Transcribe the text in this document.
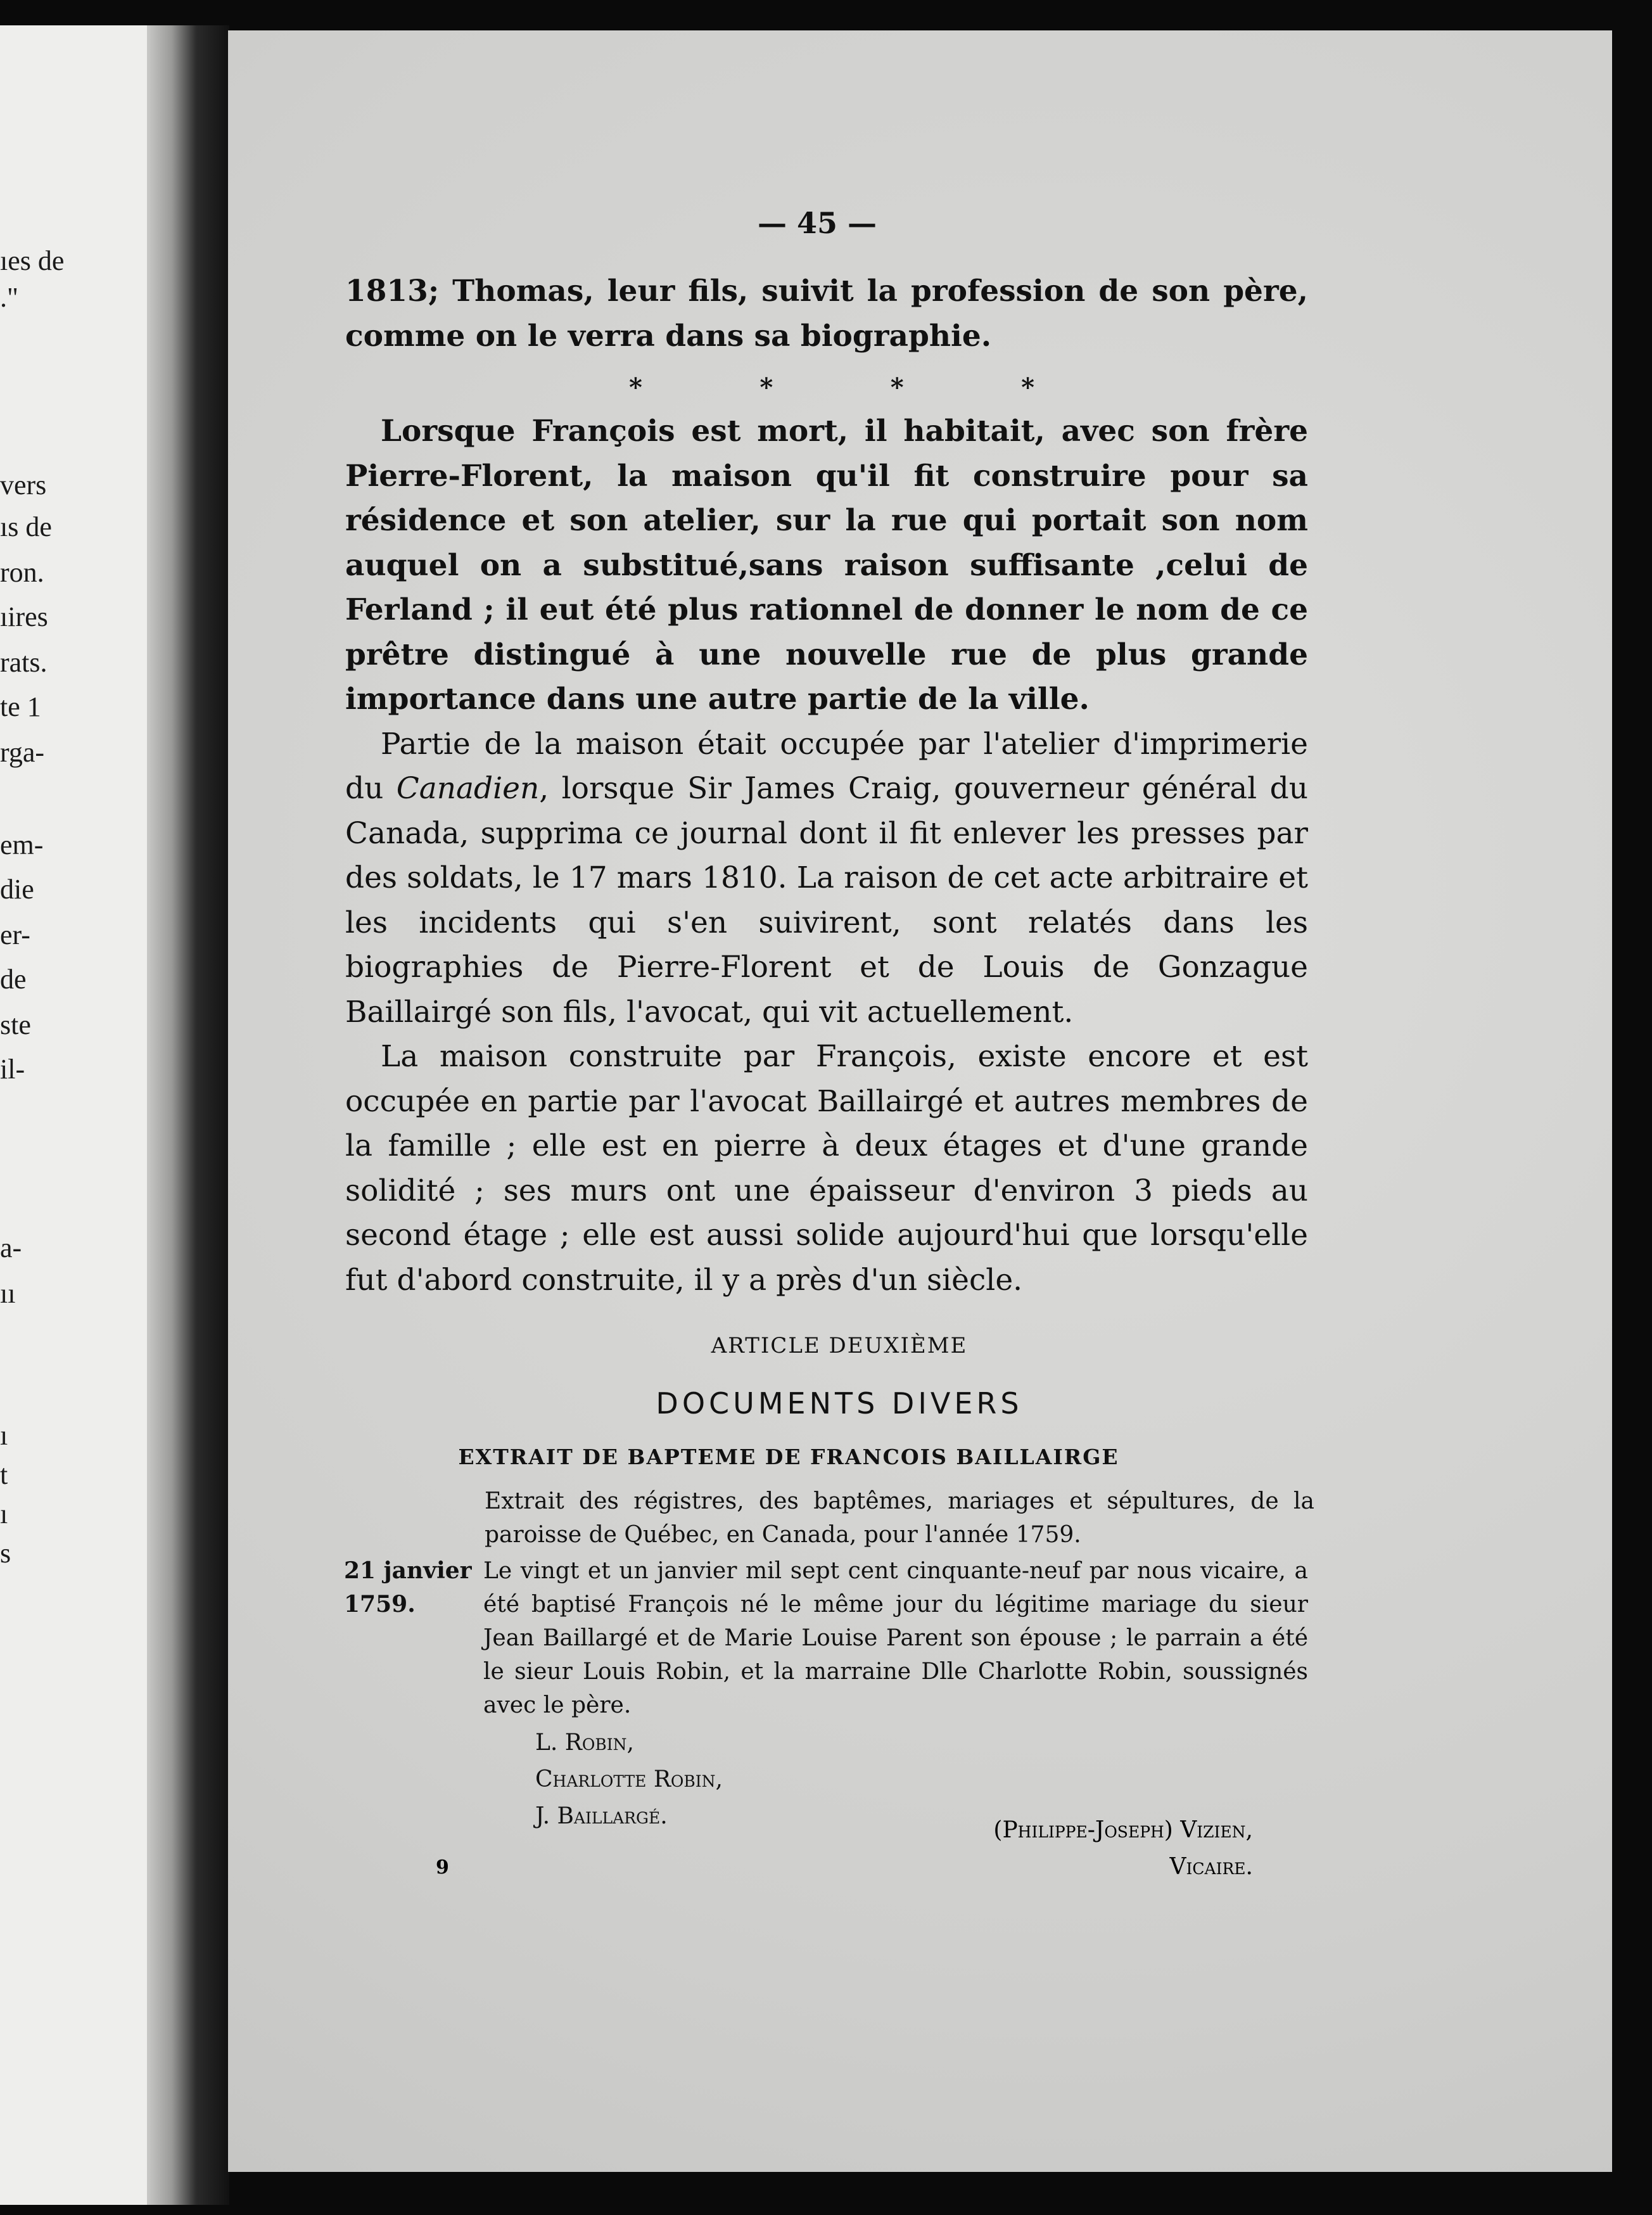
ıes de
."
vers
ıs de
ron.
ıires
rats.
te 1
rga-
em-
die
er-
de
ste
il-
a-
ıı
ı
t
ı
s
— 45 —

1813; Thomas, leur fils, suivit la profession de son père, comme on le verra dans sa biographie.

*	*	*	*

Lorsque François est mort, il habitait, avec son frère Pierre-Florent, la maison qu'il fit construire pour sa résidence et son atelier, sur la rue qui portait son nom auquel on a substitué,sans raison suffisante ,celui de Ferland ; il eut été plus rationnel de donner le nom de ce prêtre distingué à une nouvelle rue de plus grande importance dans une autre partie de la ville.

Partie de la maison était occupée par l'atelier d'imprimerie du Canadien, lorsque Sir James Craig, gouverneur général du Canada, supprima ce journal dont il fit enlever les presses par des soldats, le 17 mars 1810. La raison de cet acte arbitraire et les incidents qui s'en suivirent, sont relatés dans les biographies de Pierre-Florent et de Louis de Gonzague Baillairgé son fils, l'avocat, qui vit actuellement.

La maison construite par François, existe encore et est occupée en partie par l'avocat Baillairgé et autres membres de la famille ; elle est en pierre à deux étages et d'une grande solidité ; ses murs ont une épaisseur d'environ 3 pieds au second étage ; elle est aussi solide aujourd'hui que lorsqu'elle fut d'abord construite, il y a près d'un siècle.

ARTICLE DEUXIÈME
DOCUMENTS DIVERS
EXTRAIT DE BAPTEME DE FRANCOIS BAILLAIRGE
Extrait des régistres, des baptêmes, mariages et sépultures, de la paroisse de Québec, en Canada, pour l'année 1759.
21 janvier 1759.
Le vingt et un janvier mil sept cent cinquante-neuf par nous vicaire, a été baptisé François né le même jour du légitime mariage du sieur Jean Baillargé et de Marie Louise Parent son épouse ; le parrain a été le sieur Louis Robin, et la marraine Dlle Charlotte Robin, soussignés avec le père.
L. Robin,
Charlotte Robin,
J. Baillargé.
(Philippe-Joseph) Vizien,
Vicaire.
9
